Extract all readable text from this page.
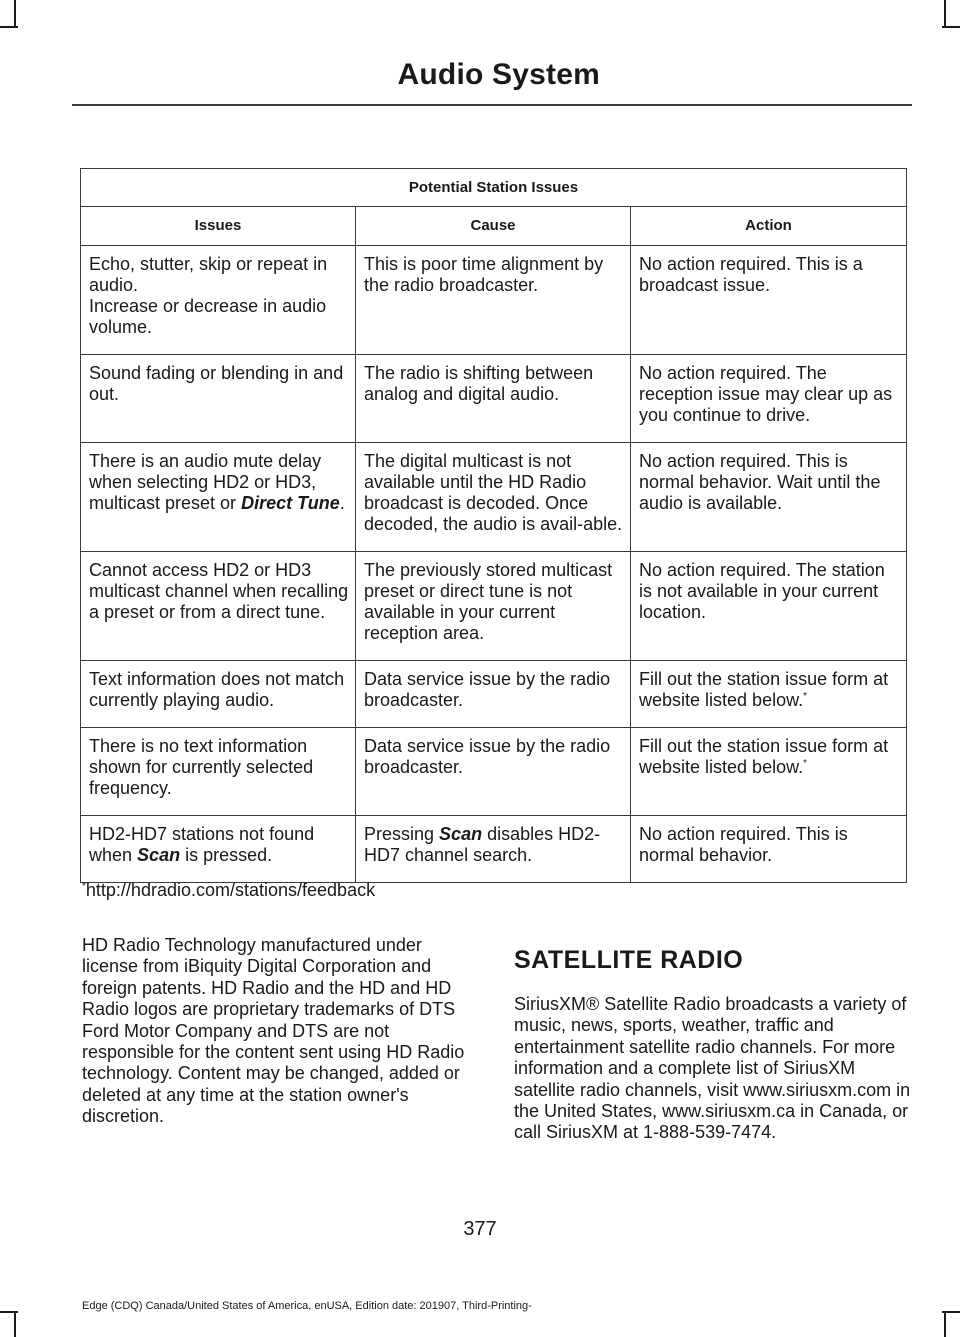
Audio System
Potential Station Issues		
Issues	Cause	Action

Echo, stutter, skip or repeat in audio.
Increase or decrease in audio volume.	This is poor time alignment by the radio broadcaster.	No action required. This is a broadcast issue.
Sound fading or blending in and out.	The radio is shifting between analog and digital audio.	No action required. The reception issue may clear up as you continue to drive.
There is an audio mute delay when selecting HD2 or HD3, multicast preset or Direct Tune.	The digital multicast is not available until the HD Radio broadcast is decoded. Once decoded, the audio is avail-able.	No action required. This is normal behavior. Wait until the audio is available.
Cannot access HD2 or HD3 multicast channel when recalling a preset or from a direct tune.	The previously stored multicast preset or direct tune is not available in your current reception area.	No action required. The station is not available in your current location.
Text information does not match currently playing audio.	Data service issue by the radio broadcaster.	Fill out the station issue form at website listed below.*
There is no text information shown for currently selected frequency.	Data service issue by the radio broadcaster.	Fill out the station issue form at website listed below.*
HD2-HD7 stations not found when Scan is pressed.	Pressing Scan disables HD2-HD7 channel search.	No action required. This is normal behavior.
*http://hdradio.com/stations/feedback

HD Radio Technology manufactured under license from iBiquity Digital Corporation and foreign patents. HD Radio and the HD and HD Radio logos are proprietary trademarks of DTS Ford Motor Company and DTS are not responsible for the content sent using HD Radio technology. Content may be changed, added or deleted at any time at the station owner's discretion.

SATELLITE RADIO

SiriusXM® Satellite Radio broadcasts a variety of music, news, sports, weather, traffic and entertainment satellite radio channels. For more information and a complete list of SiriusXM satellite radio channels, visit www.siriusxm.com in the United States, www.siriusxm.ca in Canada, or call SiriusXM at 1-888-539-7474.

377
Edge (CDQ) Canada/United States of America, enUSA, Edition date: 201907, Third-Printing-
